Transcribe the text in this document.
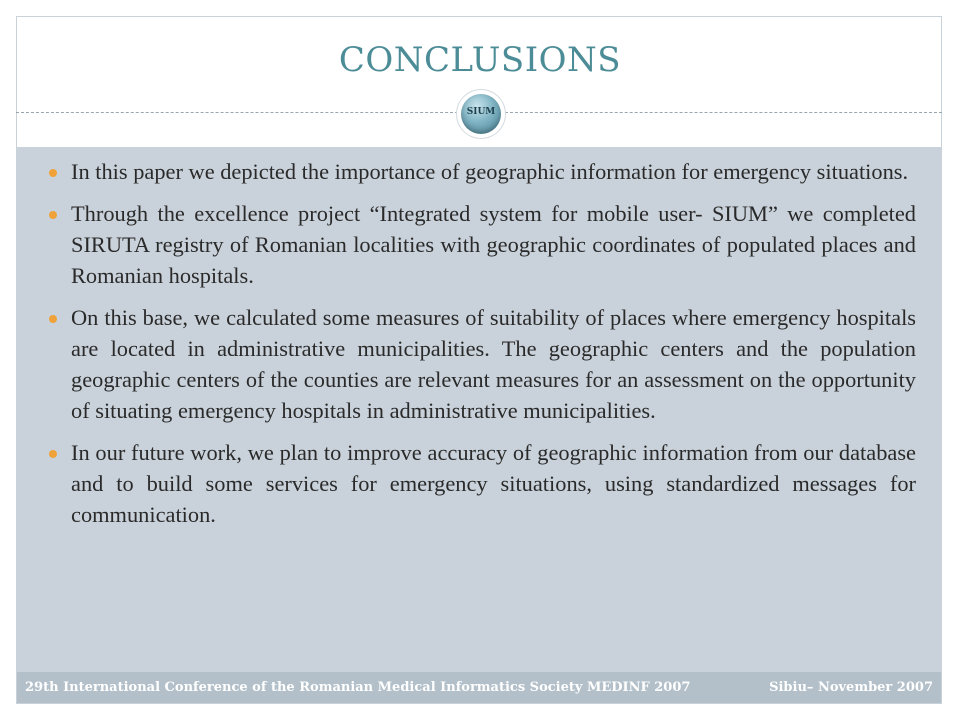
CONCLUSIONS
SIUM
In this paper we depicted the importance of geographic information for emergency situations.
Through the excellence project “Integrated system for mobile user- SIUM” we completed SIRUTA registry of Romanian localities with geographic coordinates of populated places and Romanian hospitals.
On this base, we calculated some measures of suitability of places where emergency hospitals are located in administrative municipalities. The geographic centers and the population geographic centers of the counties are relevant measures for an assessment on the opportunity of situating emergency hospitals in administrative municipalities.
In our future work, we plan to improve accuracy of geographic information from our database and to build some services for emergency situations, using standardized messages for communication.
29th International Conference of the Romanian Medical Informatics Society MEDINF 2007	Sibiu– November 2007
